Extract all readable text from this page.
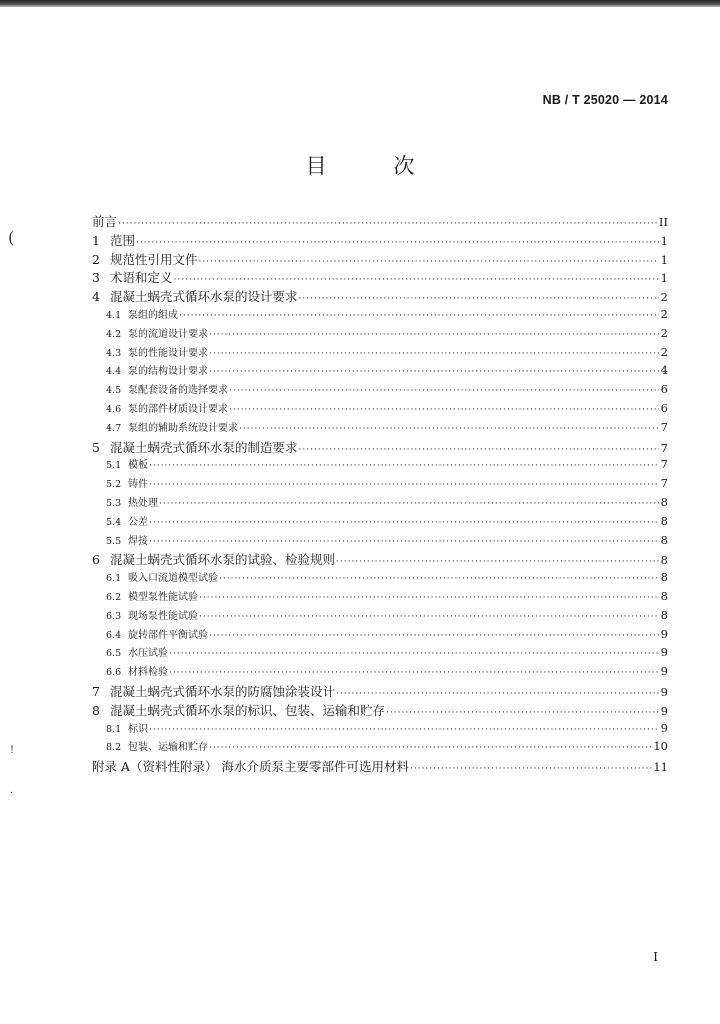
NB / T 25020 — 2014
目 次
前言 ·····	II
1 范围 ·····	1
2 规范性引用文件 ·····	1
3 术语和定义 ·····	1
4 混凝土蜗壳式循环水泵的设计要求 ·····	2
4.1 泵组的组成 ·····	2
4.2 泵的流道设计要求 ·····	2
4.3 泵的性能设计要求 ·····	2
4.4 泵的结构设计要求 ·····	4
4.5 泵配套设备的选择要求 ·····	6
4.6 泵的部件材质设计要求 ·····	6
4.7 泵组的辅助系统设计要求 ·····	7
5 混凝土蜗壳式循环水泵的制造要求 ·····	7
5.1 模板 ·····	7
5.2 铸件 ·····	7
5.3 热处理 ·····	8
5.4 公差 ·····	8
5.5 焊接 ·····	8
6 混凝土蜗壳式循环水泵的试验、检验规则 ·····	8
6.1 吸入口流道模型试验 ·····	8
6.2 模型泵性能试验 ·····	8
6.3 现场泵性能试验 ·····	8
6.4 旋转部件平衡试验 ·····	9
6.5 水压试验 ·····	9
6.6 材料检验 ·····	9
7 混凝土蜗壳式循环水泵的防腐蚀涂装设计 ·····	9
8 混凝土蜗壳式循环水泵的标识、包装、运输和贮存 ·····	9
8.1 标识 ·····	9
8.2 包装、运输和贮存 ·····	10
附录 A（资料性附录） 海水介质泵主要零部件可选用材料 ·····	11
I
(
!
.
